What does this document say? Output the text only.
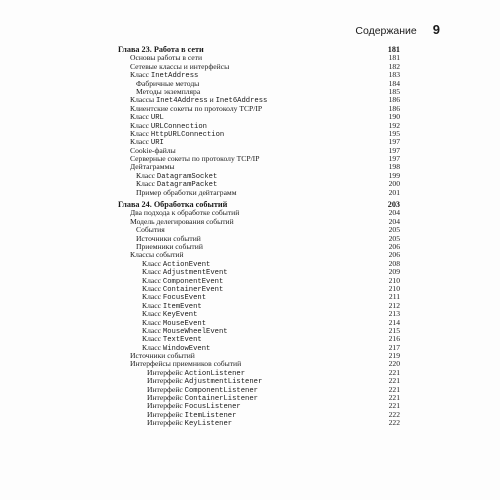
Содержание 9
Глава 23. Работа в сети	181
Основы работы в сети	181
Сетевые классы и интерфейсы	182
Класс InetAddress	183
Фабричные методы	184
Методы экземпляра	185
Классы Inet4Address и Inet6Address	186
Клиентские сокеты по протоколу TCP/IP	186
Класс URL	190
Класс URLConnection	192
Класс HttpURLConnection	195
Класс URI	197
Cookie-файлы	197
Серверные сокеты по протоколу TCP/IP	197
Дейтаграммы	198
Класс DatagramSocket	199
Класс DatagramPacket	200
Пример обработки дейтаграмм	201
Глава 24. Обработка событий	203
Два подхода к обработке событий	204
Модель делегирования событий	204
События	205
Источники событий	205
Приемники событий	206
Классы событий	206
Класс ActionEvent	208
Класс AdjustmentEvent	209
Класс ComponentEvent	210
Класс ContainerEvent	210
Класс FocusEvent	211
Класс ItemEvent	212
Класс KeyEvent	213
Класс MouseEvent	214
Класс MouseWheelEvent	215
Класс TextEvent	216
Класс WindowEvent	217
Источники событий	219
Интерфейсы приемников событий	220
Интерфейс ActionListener	221
Интерфейс AdjustmentListener	221
Интерфейс ComponentListener	221
Интерфейс ContainerListener	221
Интерфейс FocusListener	221
Интерфейс ItemListener	222
Интерфейс KeyListener	222
